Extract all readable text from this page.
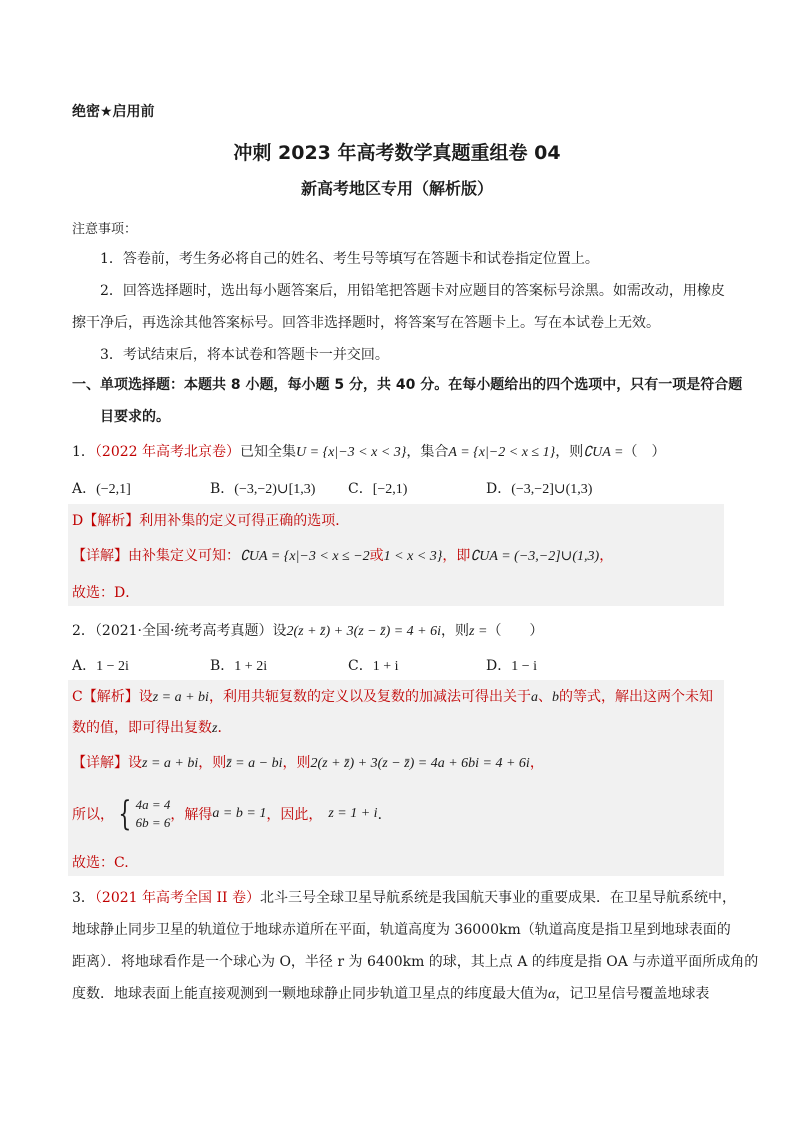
绝密★启用前
冲刺 2023 年高考数学真题重组卷 04
新高考地区专用（解析版）
注意事项：
1．答卷前，考生务必将自己的姓名、考生号等填写在答题卡和试卷指定位置上。
2．回答选择题时，选出每小题答案后，用铅笔把答题卡对应题目的答案标号涂黑。如需改动，用橡皮
擦干净后，再选涂其他答案标号。回答非选择题时，将答案写在答题卡上。写在本试卷上无效。
3．考试结束后，将本试卷和答题卡一并交回。
一、单项选择题：本题共 8 小题，每小题 5 分，共 40 分。在每小题给出的四个选项中，只有一项是符合题
目要求的。
1．（2022 年高考北京卷）已知全集U = {x|−3 < x < 3}，集合A = {x|−2 < x ≤ 1}，则∁UA =（　）
A．(−2,1]	B．(−3,−2)∪[1,3) C．[−2,1)	D．(−3,−2]∪(1,3)
D【解析】利用补集的定义可得正确的选项．
【详解】由补集定义可知：∁UA = {x|−3 < x ≤ −2或1 < x < 3}，即∁UA = (−3,−2]∪(1,3)，
故选：D．
2．（2021·全国·统考高考真题）设2(z + z̄) + 3(z − z̄) = 4 + 6i，则z =（　　）
A．1 − 2i	B．1 + 2i	C．1 + i	D．1 − i
C【解析】设z = a + bi，利用共轭复数的定义以及复数的加减法可得出关于a、b的等式，解出这两个未知
数的值，即可得出复数z．
【详解】设z = a + bi，则z̄ = a − bi，则2(z + z̄) + 3(z − z̄) = 4a + 6bi = 4 + 6i，
所以， { 4a = 4
6b = 6 ，解得 a = b = 1 ，因此， z = 1 + i ．
故选：C.
3．（2021 年高考全国 II 卷）北斗三号全球卫星导航系统是我国航天事业的重要成果．在卫星导航系统中，
地球静止同步卫星的轨道位于地球赤道所在平面，轨道高度为 36000km（轨道高度是指卫星到地球表面的
距离）．将地球看作是一个球心为 O，半径 r 为 6400km 的球，其上点 A 的纬度是指 OA 与赤道平面所成角的
度数．地球表面上能直接观测到一颗地球静止同步轨道卫星点的纬度最大值为α，记卫星信号覆盖地球表
